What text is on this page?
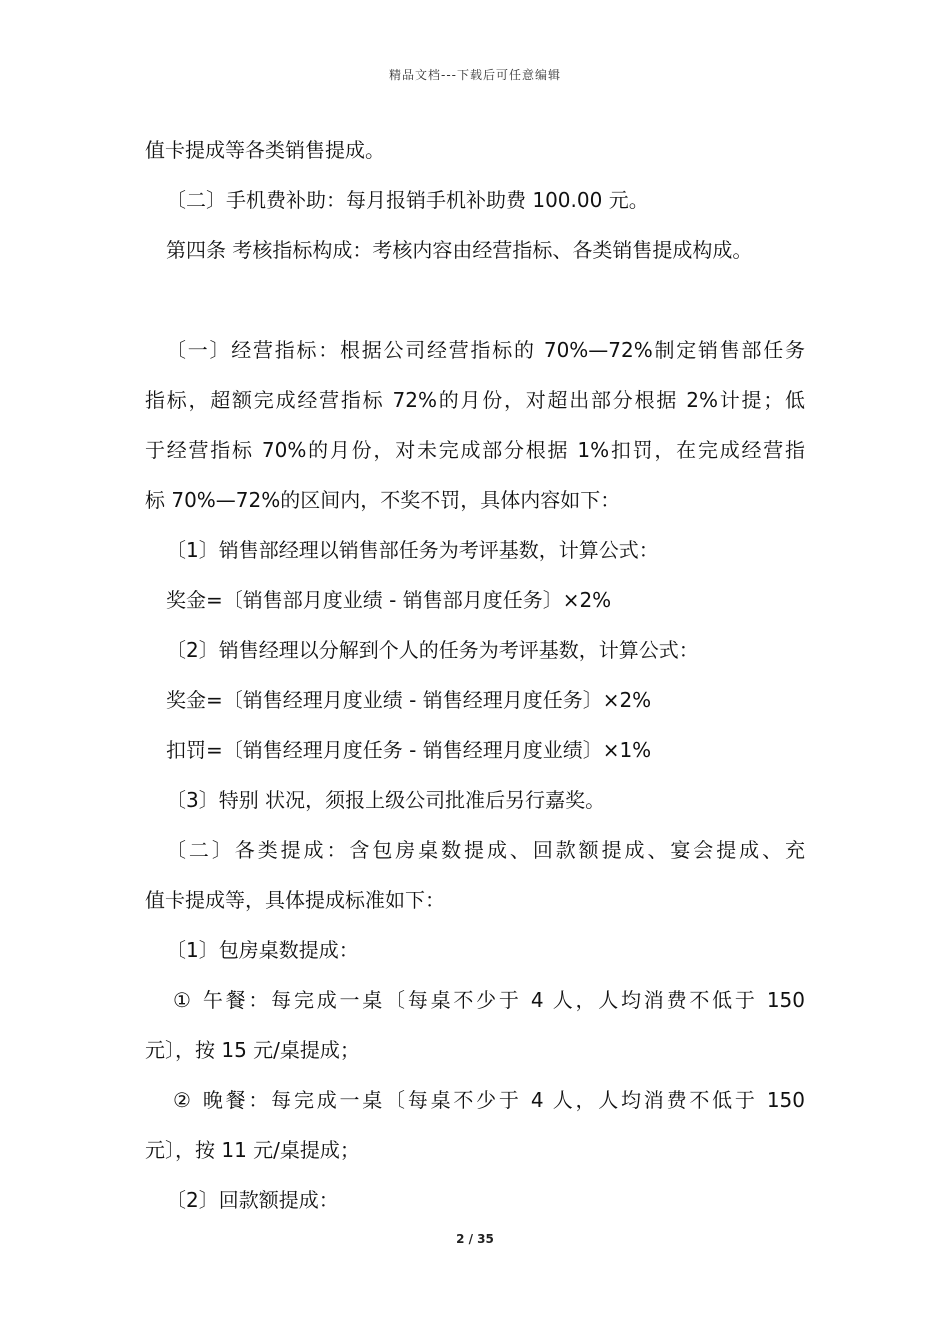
精品文档---下载后可任意编辑
值卡提成等各类销售提成。
〔二〕手机费补助：每月报销手机补助费 100.00 元。
第四条 考核指标构成：考核内容由经营指标、各类销售提成构成。
〔一〕经营指标：根据公司经营指标的 70%—72%制定销售部任务
指标，超额完成经营指标 72%的月份，对超出部分根据 2%计提；低
于经营指标 70%的月份，对未完成部分根据 1%扣罚，在完成经营指
标 70%—72%的区间内，不奖不罚，具体内容如下：
〔1〕销售部经理以销售部任务为考评基数，计算公式：
奖金=〔销售部月度业绩 - 销售部月度任务〕×2%
〔2〕销售经理以分解到个人的任务为考评基数，计算公式：
奖金=〔销售经理月度业绩 - 销售经理月度任务〕×2%
扣罚=〔销售经理月度任务 - 销售经理月度业绩〕×1%
〔3〕特别 状况，须报上级公司批准后另行嘉奖。
〔二〕各类提成：含包房桌数提成、回款额提成、宴会提成、充
值卡提成等，具体提成标准如下：
〔1〕包房桌数提成：
① 午餐：每完成一桌〔每桌不少于 4 人，人均消费不低于 150
元〕，按 15 元/桌提成；
② 晚餐：每完成一桌〔每桌不少于 4 人，人均消费不低于 150
元〕，按 11 元/桌提成；
〔2〕回款额提成：
2 / 35
